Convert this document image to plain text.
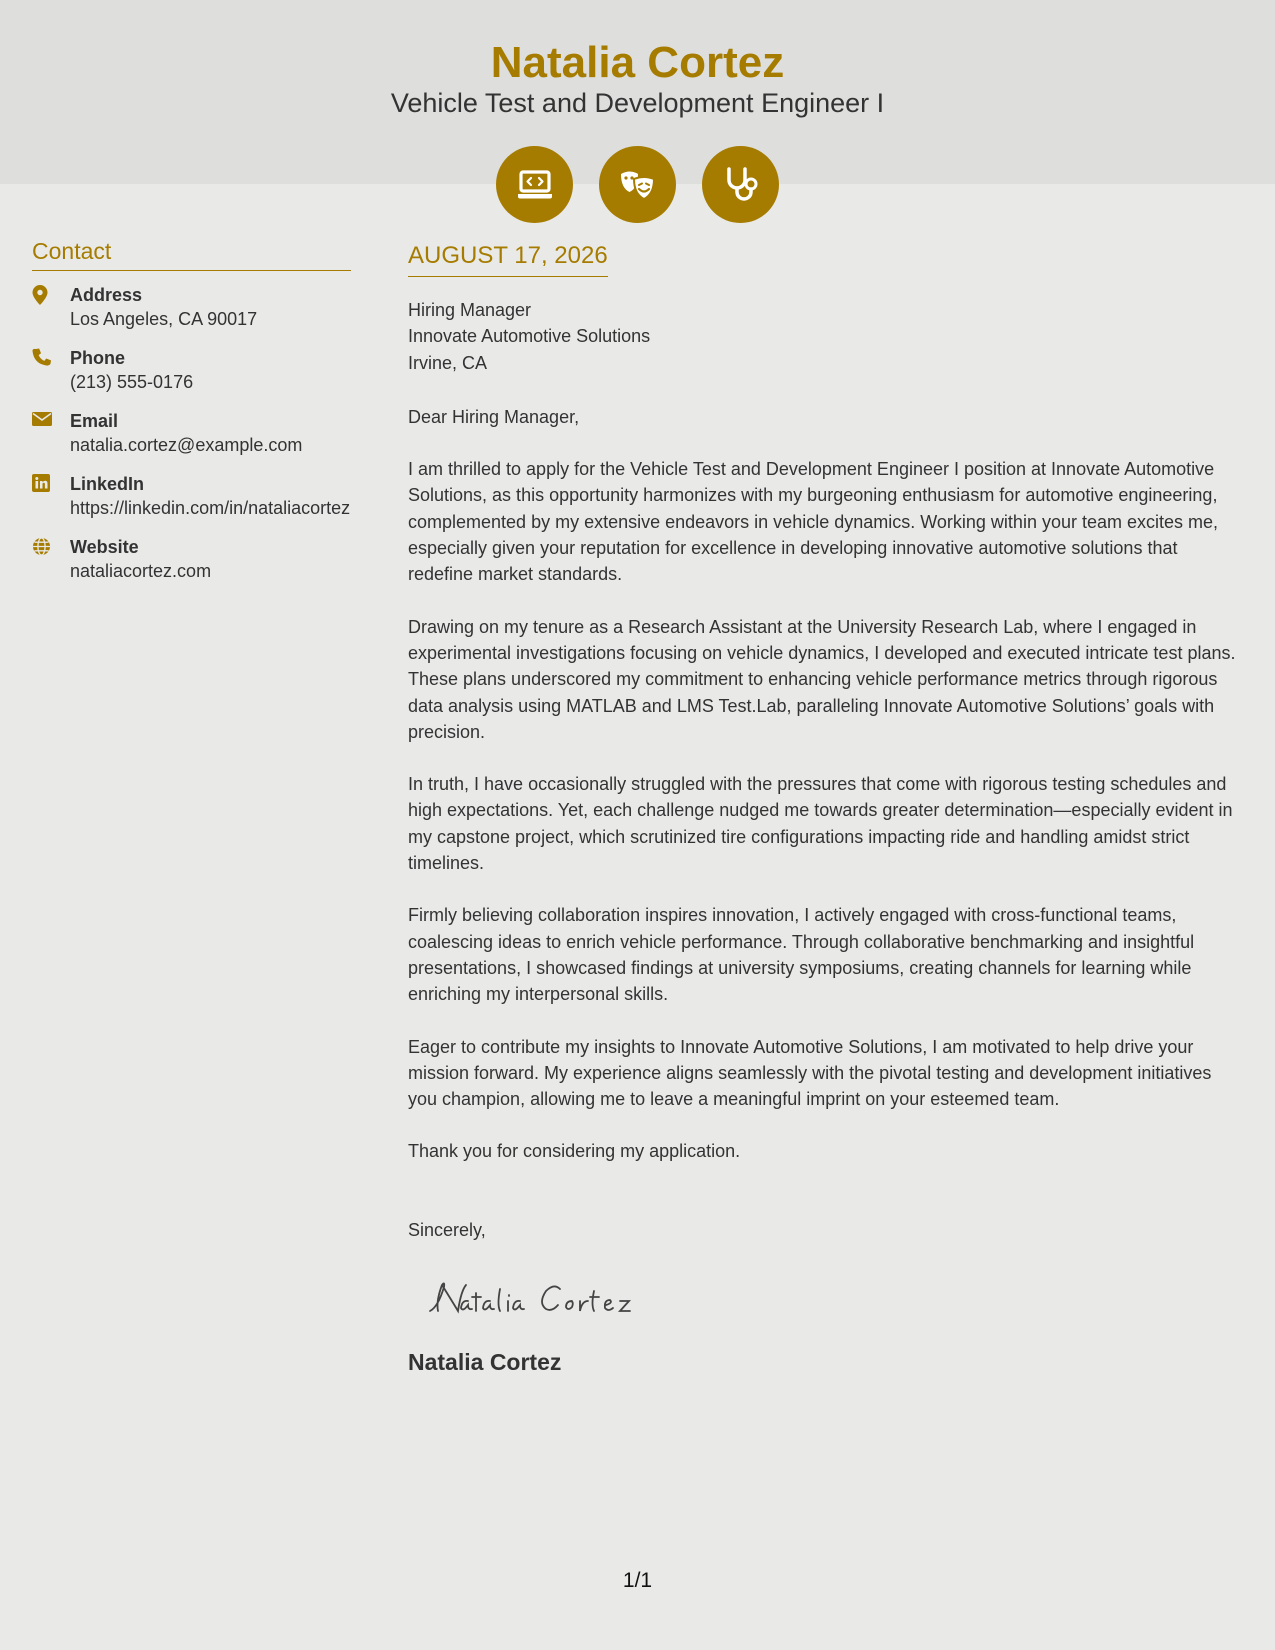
Natalia Cortez
Vehicle Test and Development Engineer I
Contact
Address
Los Angeles, CA 90017
Phone
(213) 555-0176
Email
natalia.cortez@example.com
LinkedIn
https://linkedin.com/in/nataliacortez
Website
nataliacortez.com
AUGUST 17, 2026
Hiring Manager
Innovate Automotive Solutions
Irvine, CA
Dear Hiring Manager,
I am thrilled to apply for the Vehicle Test and Development Engineer I position at Innovate Automotive Solutions, as this opportunity harmonizes with my burgeoning enthusiasm for automotive engineering, complemented by my extensive endeavors in vehicle dynamics. Working within your team excites me, especially given your reputation for excellence in developing innovative automotive solutions that redefine market standards.
Drawing on my tenure as a Research Assistant at the University Research Lab, where I engaged in experimental investigations focusing on vehicle dynamics, I developed and executed intricate test plans. These plans underscored my commitment to enhancing vehicle performance metrics through rigorous data analysis using MATLAB and LMS Test.Lab, paralleling Innovate Automotive Solutions’ goals with precision.
In truth, I have occasionally struggled with the pressures that come with rigorous testing schedules and high expectations. Yet, each challenge nudged me towards greater determination—especially evident in my capstone project, which scrutinized tire configurations impacting ride and handling amidst strict timelines.
Firmly believing collaboration inspires innovation, I actively engaged with cross-functional teams, coalescing ideas to enrich vehicle performance. Through collaborative benchmarking and insightful presentations, I showcased findings at university symposiums, creating channels for learning while enriching my interpersonal skills.
Eager to contribute my insights to Innovate Automotive Solutions, I am motivated to help drive your mission forward. My experience aligns seamlessly with the pivotal testing and development initiatives you champion, allowing me to leave a meaningful imprint on your esteemed team.
Thank you for considering my application.
Sincerely,
Natalia Cortez
1/1
